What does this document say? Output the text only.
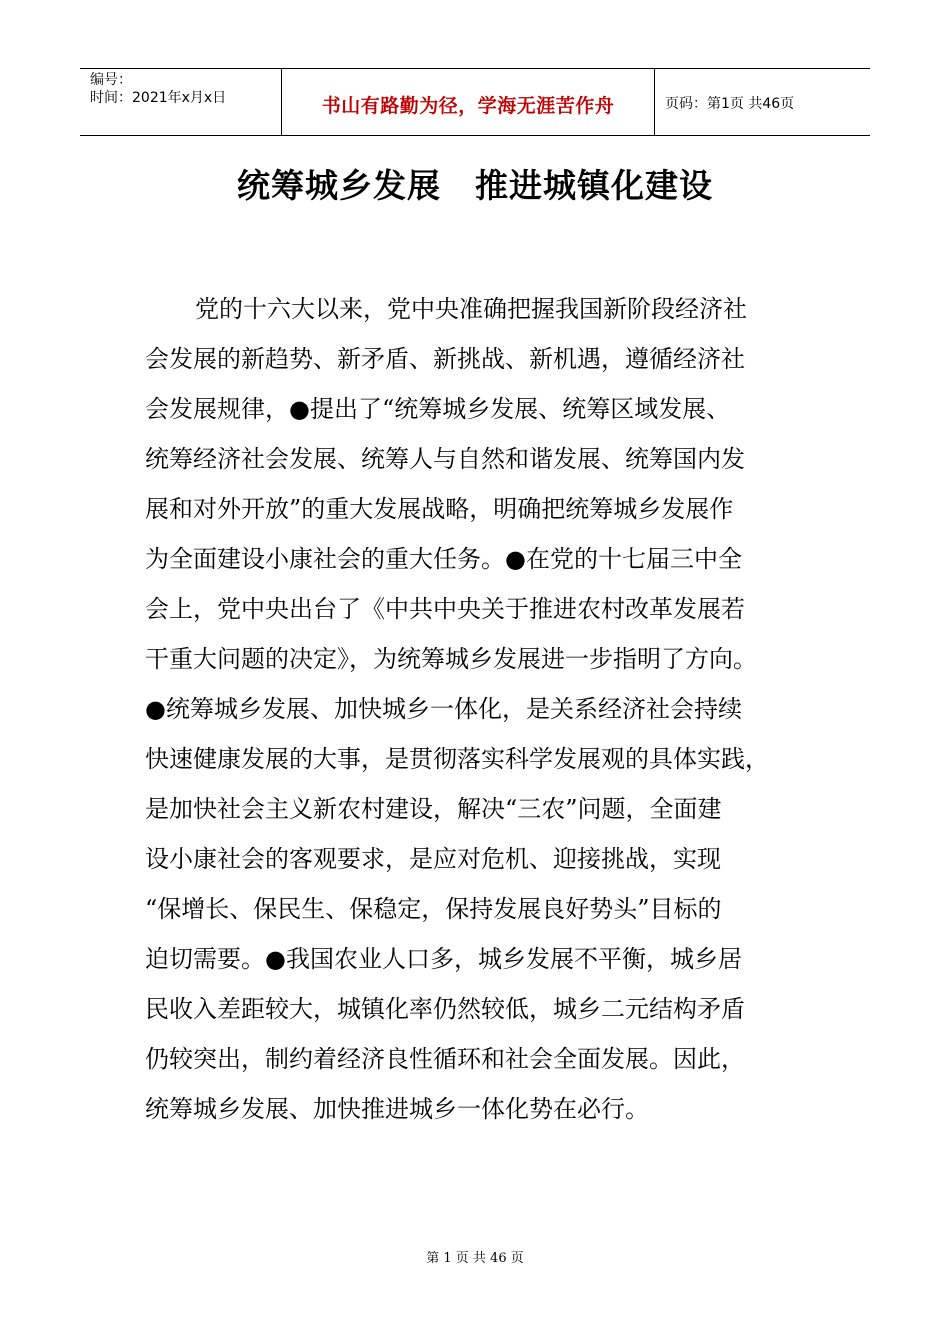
编号：
时间：2021年x月x日	书山有路勤为径，学海无涯苦作舟	页码：第1页 共46页
统筹城乡发展　推进城镇化建设
党的十六大以来，党中央准确把握我国新阶段经济社
会发展的新趋势、新矛盾、新挑战、新机遇，遵循经济社
会发展规律，●提出了“统筹城乡发展、统筹区域发展、
统筹经济社会发展、统筹人与自然和谐发展、统筹国内发
展和对外开放”的重大发展战略，明确把统筹城乡发展作
为全面建设小康社会的重大任务。●在党的十七届三中全
会上，党中央出台了《中共中央关于推进农村改革发展若
干重大问题的决定》，为统筹城乡发展进一步指明了方向。
●统筹城乡发展、加快城乡一体化，是关系经济社会持续
快速健康发展的大事，是贯彻落实科学发展观的具体实践，
是加快社会主义新农村建设，解决“三农”问题，全面建
设小康社会的客观要求，是应对危机、迎接挑战，实现
“保增长、保民生、保稳定，保持发展良好势头”目标的
迫切需要。●我国农业人口多，城乡发展不平衡，城乡居
民收入差距较大，城镇化率仍然较低，城乡二元结构矛盾
仍较突出，制约着经济良性循环和社会全面发展。因此，
统筹城乡发展、加快推进城乡一体化势在必行。
第 1 页 共 46 页
